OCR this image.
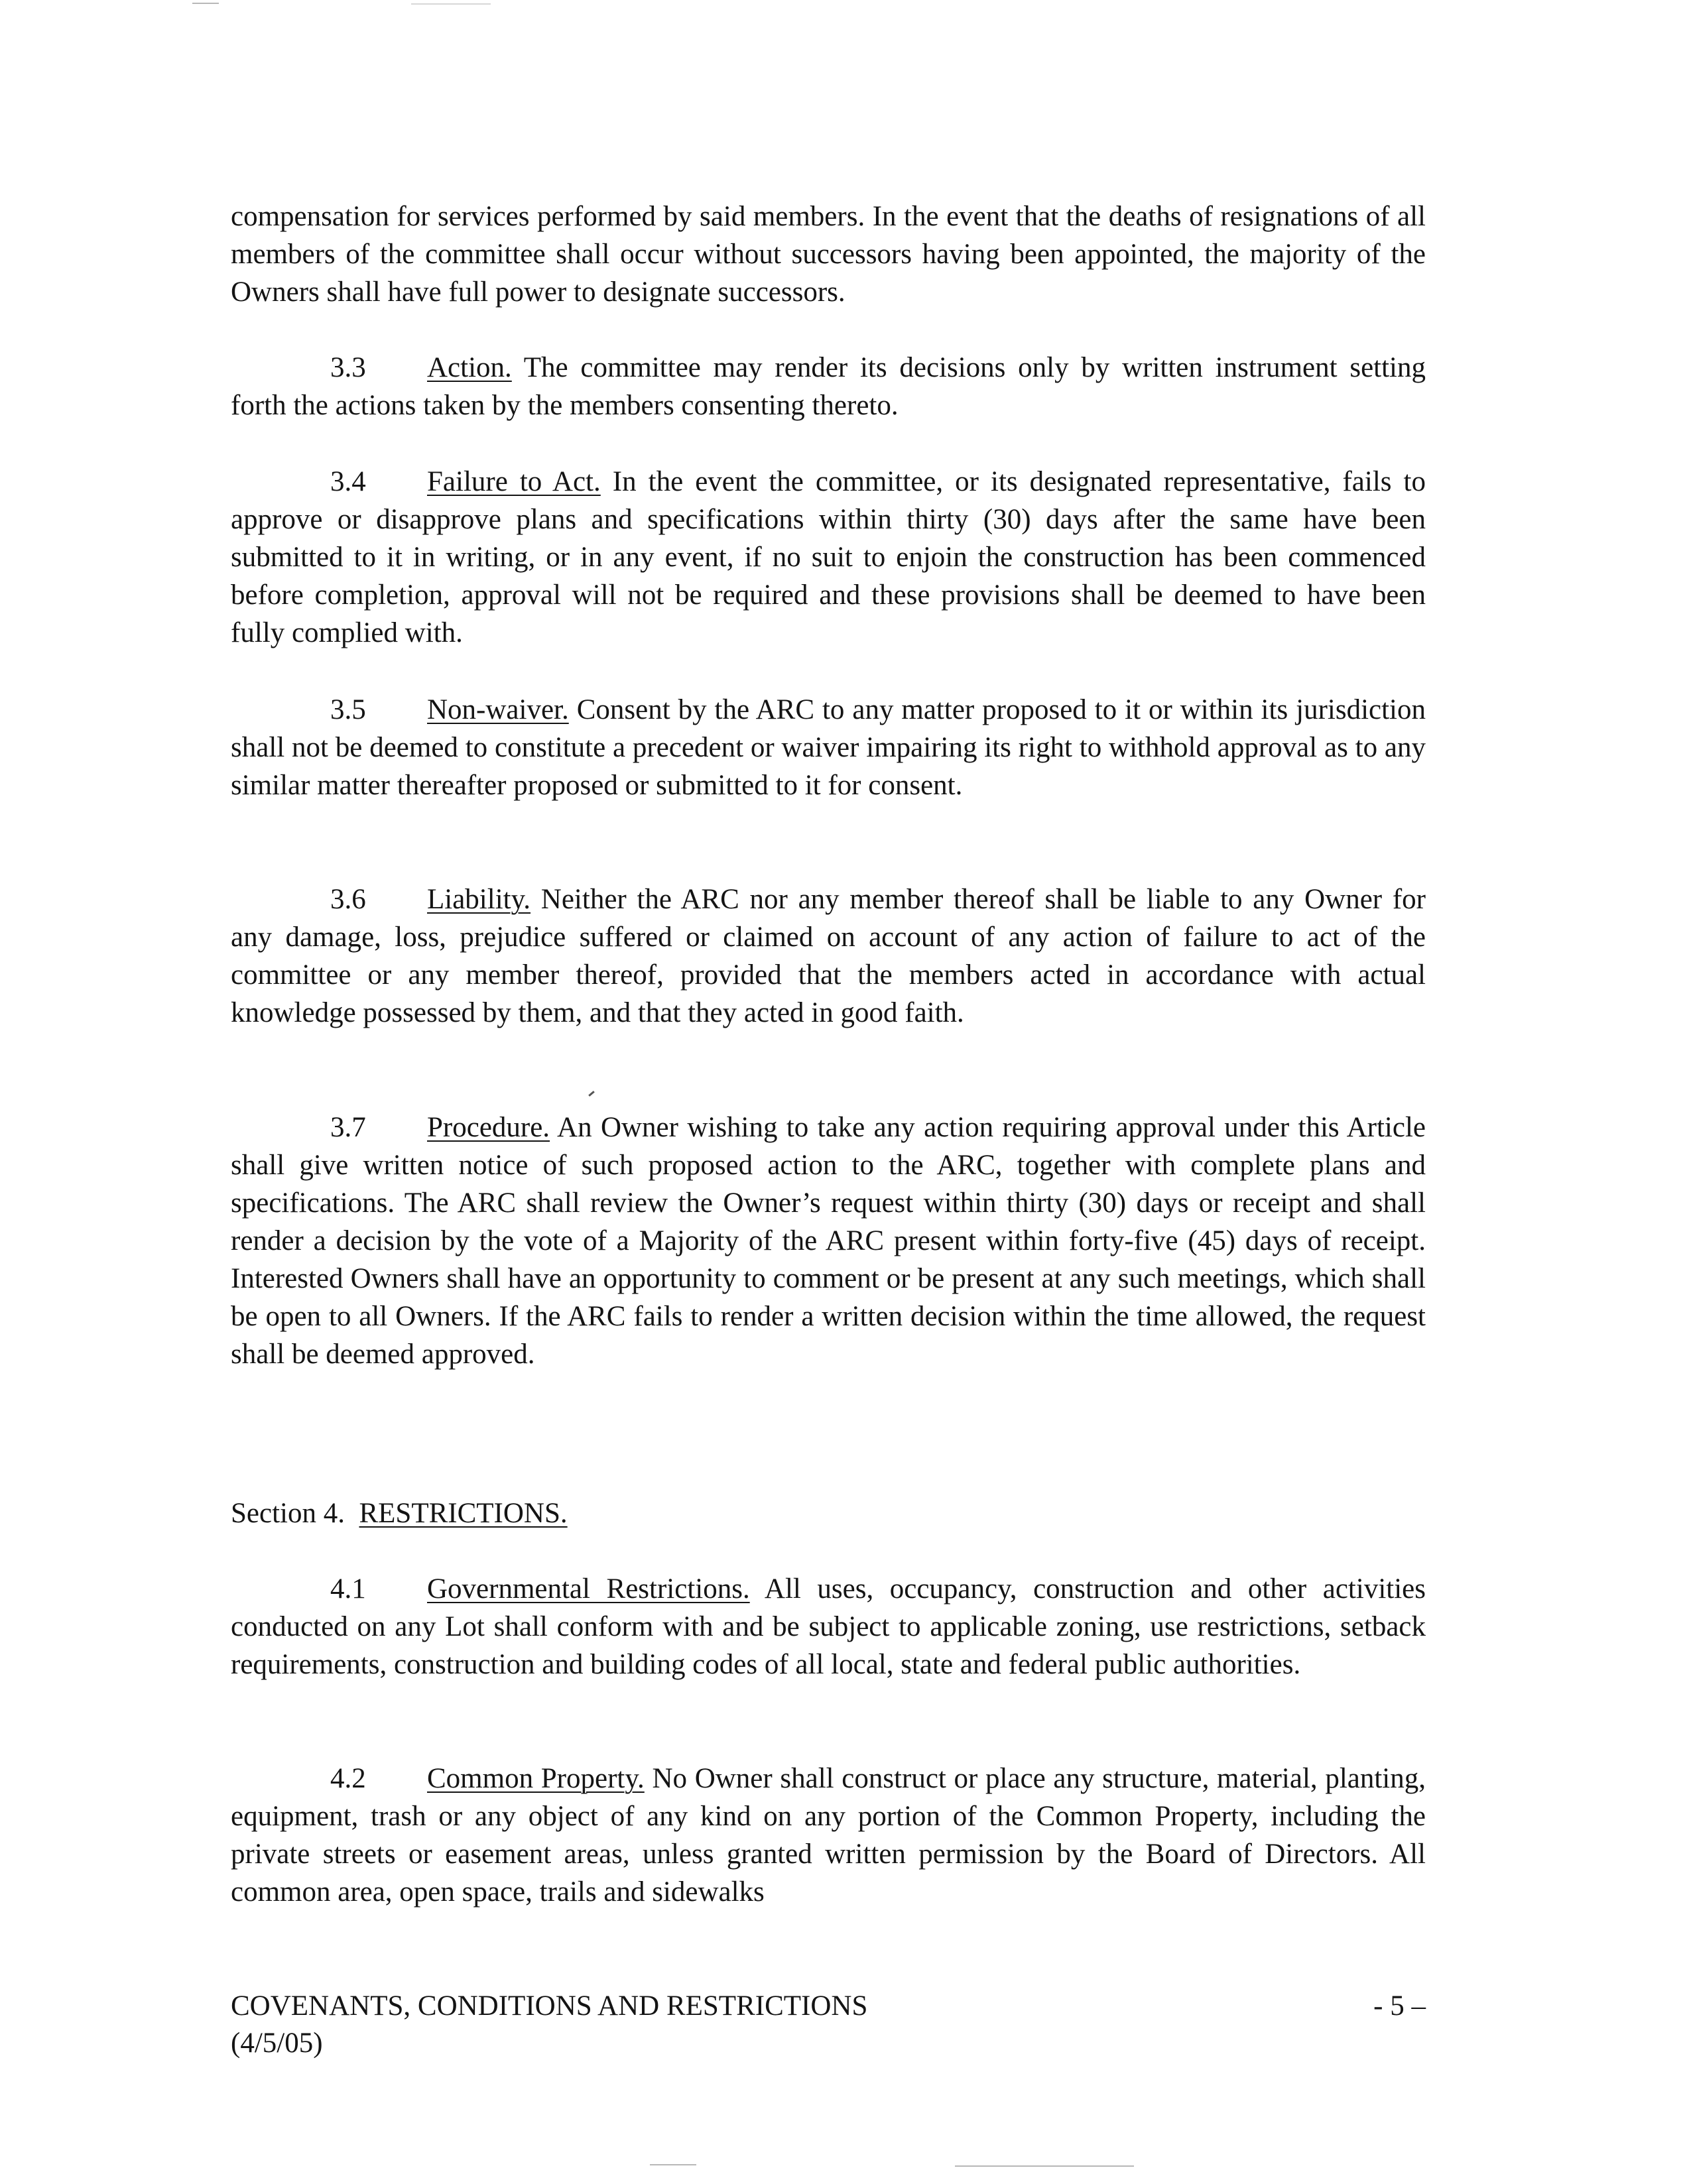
compensation for services performed by said members. In the event that the deaths of resignations of all members of the committee shall occur without successors having been appointed, the majority of the Owners shall have full power to designate successors.

3.3 Action. The committee may render its decisions only by written instrument setting forth the actions taken by the members consenting thereto.

3.4 Failure to Act. In the event the committee, or its designated representative, fails to approve or disapprove plans and specifications within thirty (30) days after the same have been submitted to it in writing, or in any event, if no suit to enjoin the construction has been commenced before completion, approval will not be required and these provisions shall be deemed to have been fully complied with.

3.5 Non-waiver. Consent by the ARC to any matter proposed to it or within its jurisdiction shall not be deemed to constitute a precedent or waiver impairing its right to withhold approval as to any similar matter thereafter proposed or submitted to it for consent.

3.6 Liability. Neither the ARC nor any member thereof shall be liable to any Owner for any damage, loss, prejudice suffered or claimed on account of any action of failure to act of the committee or any member thereof, provided that the members acted in accordance with actual knowledge possessed by them, and that they acted in good faith.

3.7 Procedure. An Owner wishing to take any action requiring approval under this Article shall give written notice of such proposed action to the ARC, together with complete plans and specifications. The ARC shall review the Owner’s request within thirty (30) days or receipt and shall render a decision by the vote of a Majority of the ARC present within forty-five (45) days of receipt. Interested Owners shall have an opportunity to comment or be present at any such meetings, which shall be open to all Owners. If the ARC fails to render a written decision within the time allowed, the request shall be deemed approved.

Section 4. RESTRICTIONS.

4.1 Governmental Restrictions. All uses, occupancy, construction and other activities conducted on any Lot shall conform with and be subject to applicable zoning, use restrictions, setback requirements, construction and building codes of all local, state and federal public authorities.

4.2 Common Property. No Owner shall construct or place any structure, material, planting, equipment, trash or any object of any kind on any portion of the Common Property, including the private streets or easement areas, unless granted written permission by the Board of Directors. All common area, open space, trails and sidewalks

COVENANTS, CONDITIONS AND RESTRICTIONS
(4/5/05)
- 5 –
